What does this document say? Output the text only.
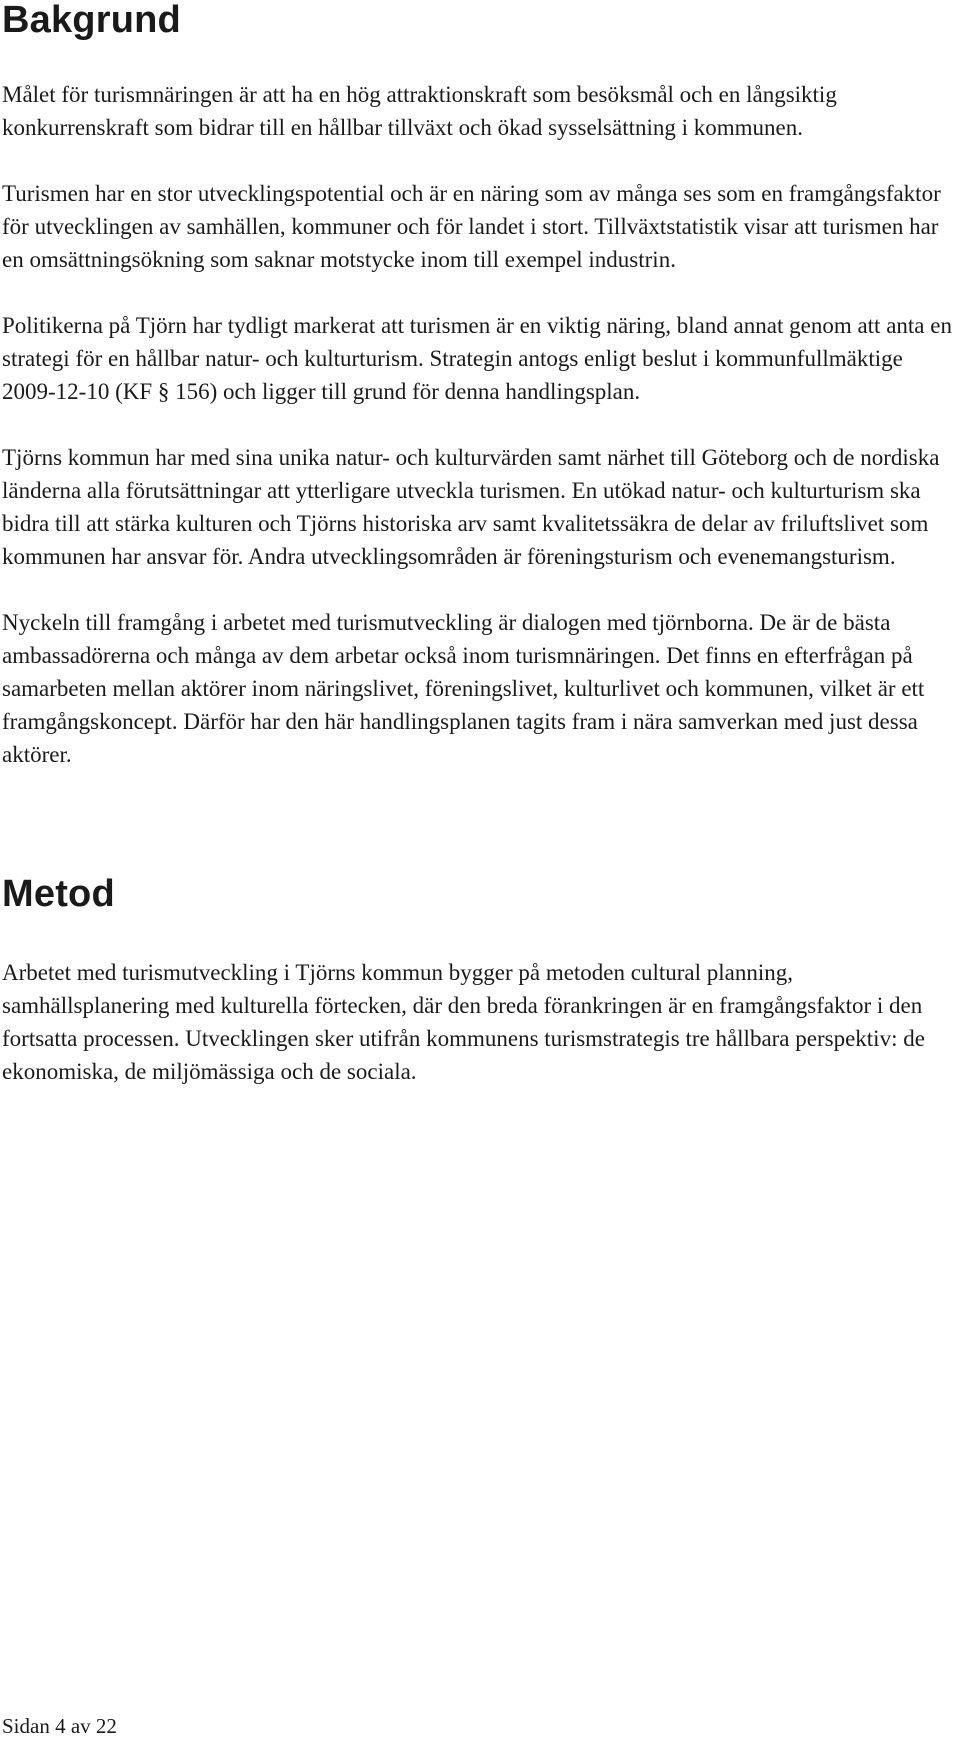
Bakgrund

Målet för turismnäringen är att ha en hög attraktionskraft som besöksmål och en långsiktig konkurrenskraft som bidrar till en hållbar tillväxt och ökad sysselsättning i kommunen.

Turismen har en stor utvecklingspotential och är en näring som av många ses som en framgångsfaktor för utvecklingen av samhällen, kommuner och för landet i stort. Tillväxtstatistik visar att turismen har en omsättningsökning som saknar motstycke inom till exempel industrin.

Politikerna på Tjörn har tydligt markerat att turismen är en viktig näring, bland annat genom att anta en strategi för en hållbar natur- och kulturturism. Strategin antogs enligt beslut i kommunfullmäktige 2009-12-10 (KF § 156) och ligger till grund för denna handlingsplan.

Tjörns kommun har med sina unika natur- och kulturvärden samt närhet till Göteborg och de nordiska länderna alla förutsättningar att ytterligare utveckla turismen. En utökad natur- och kulturturism ska bidra till att stärka kulturen och Tjörns historiska arv samt kvalitetssäkra de delar av friluftslivet som kommunen har ansvar för. Andra utvecklingsområden är föreningsturism och evenemangsturism.

Nyckeln till framgång i arbetet med turismutveckling är dialogen med tjörnborna. De är de bästa ambassadörerna och många av dem arbetar också inom turismnäringen. Det finns en efterfrågan på samarbeten mellan aktörer inom näringslivet, föreningslivet, kulturlivet och kommunen, vilket är ett framgångskoncept. Därför har den här handlingsplanen tagits fram i nära samverkan med just dessa aktörer.

Metod

Arbetet med turismutveckling i Tjörns kommun bygger på metoden cultural planning, samhällsplanering med kulturella förtecken, där den breda förankringen är en framgångsfaktor i den fortsatta processen. Utvecklingen sker utifrån kommunens turismstrategis tre hållbara perspektiv: de ekonomiska, de miljömässiga och de sociala.

Sidan 4 av 22
